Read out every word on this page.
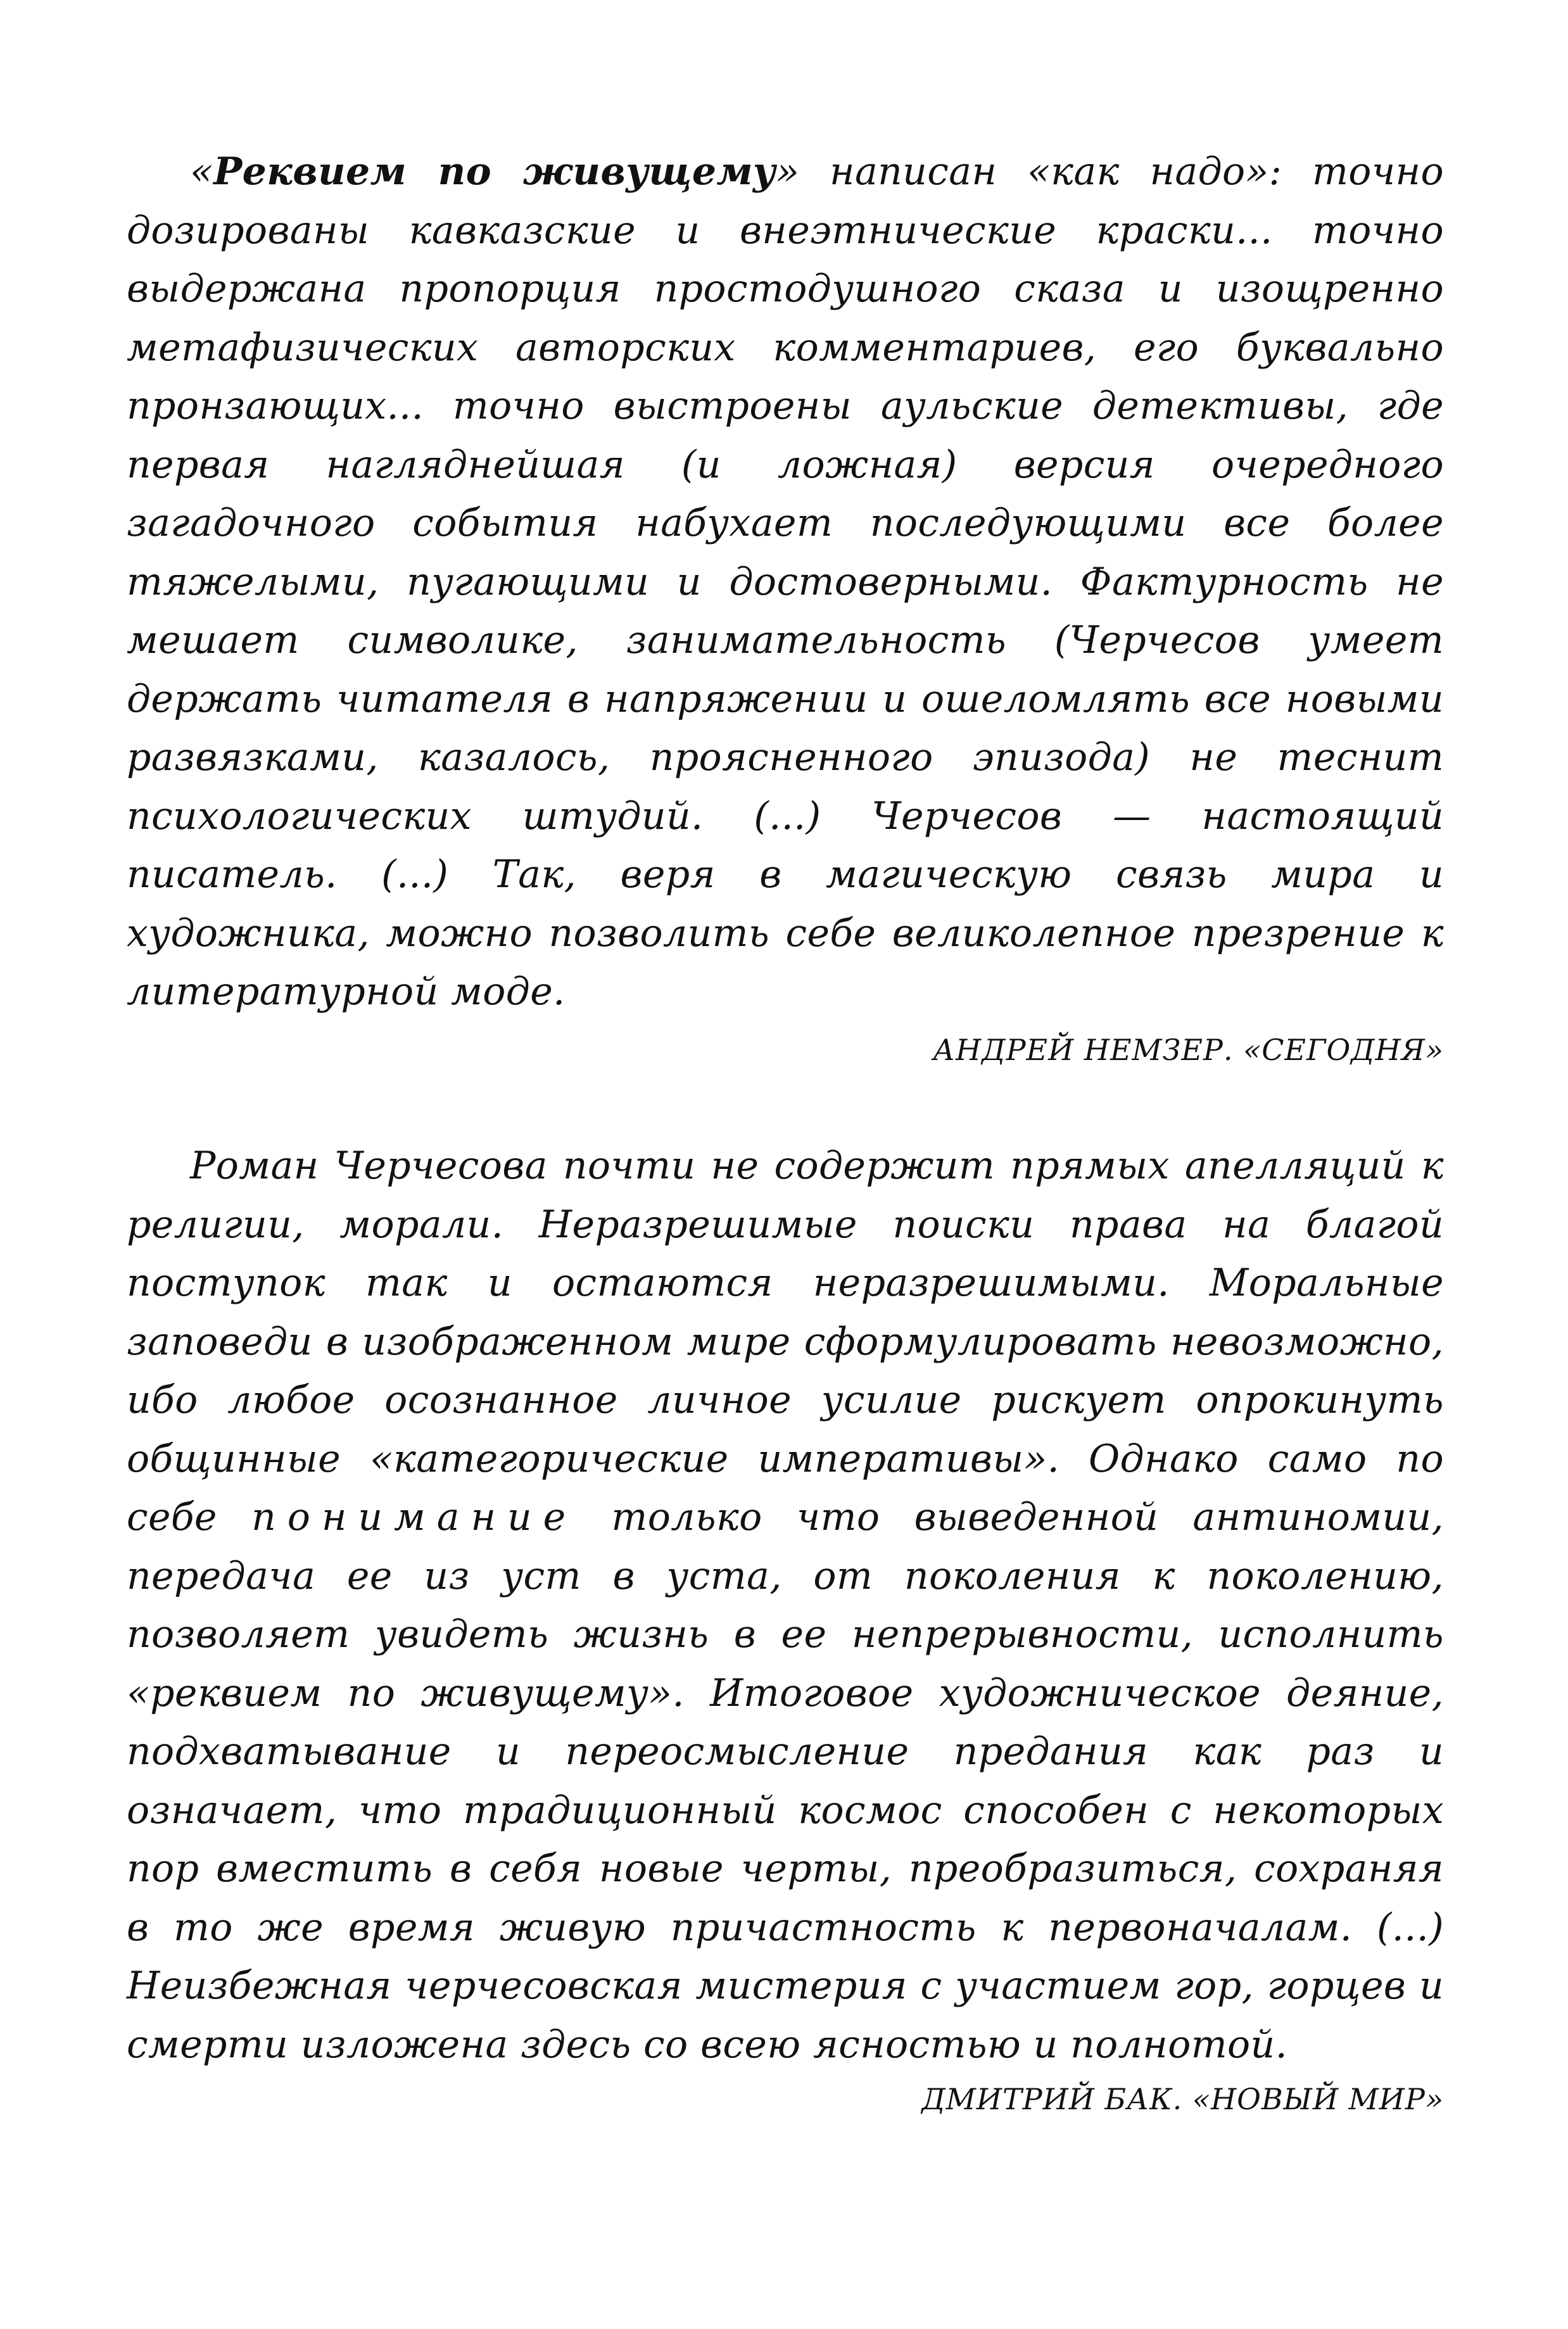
«Реквием по живущему» написан «как надо»: точно дозированы кавказские и внеэтнические краски... точно выдержана пропорция простодушного сказа и изощренно метафизических авторских комментариев, его буквально пронзающих... точно выстроены аульские детективы, где первая нагляднейшая (и ложная) версия очередного загадочного события набухает последующими все более тяжелыми, пугающими и достоверными. Фактурность не мешает символике, занимательность (Черчесов умеет держать читателя в напряжении и ошеломлять все новыми развязками, казалось, проясненного эпизода) не теснит психологических штудий. (...) Черчесов — настоящий писатель. (...) Так, веря в магическую связь мира и художника, можно позволить себе великолепное презрение к литературной моде.

АНДРЕЙ НЕМЗЕР. «СЕГОДНЯ»

Роман Черчесова почти не содержит прямых апелляций к религии, морали. Неразрешимые поиски права на благой поступок так и остаются неразрешимыми. Моральные заповеди в изображенном мире сформулировать невозможно, ибо любое осознанное личное усилие рискует опрокинуть общинные «категорические императивы». Однако само по себе понимание только что выведенной антиномии, передача ее из уст в уста, от поколения к поколению, позволяет увидеть жизнь в ее непрерывности, исполнить «реквием по живущему». Итоговое художническое деяние, подхватывание и переосмысление предания как раз и означает, что традиционный космос способен с некоторых пор вместить в себя новые черты, преобразиться, сохраняя в то же время живую причастность к первоначалам. (...) Неизбежная черчесовская мистерия с участием гор, горцев и смерти изложена здесь со всею ясностью и полнотой.

ДМИТРИЙ БАК. «НОВЫЙ МИР»
